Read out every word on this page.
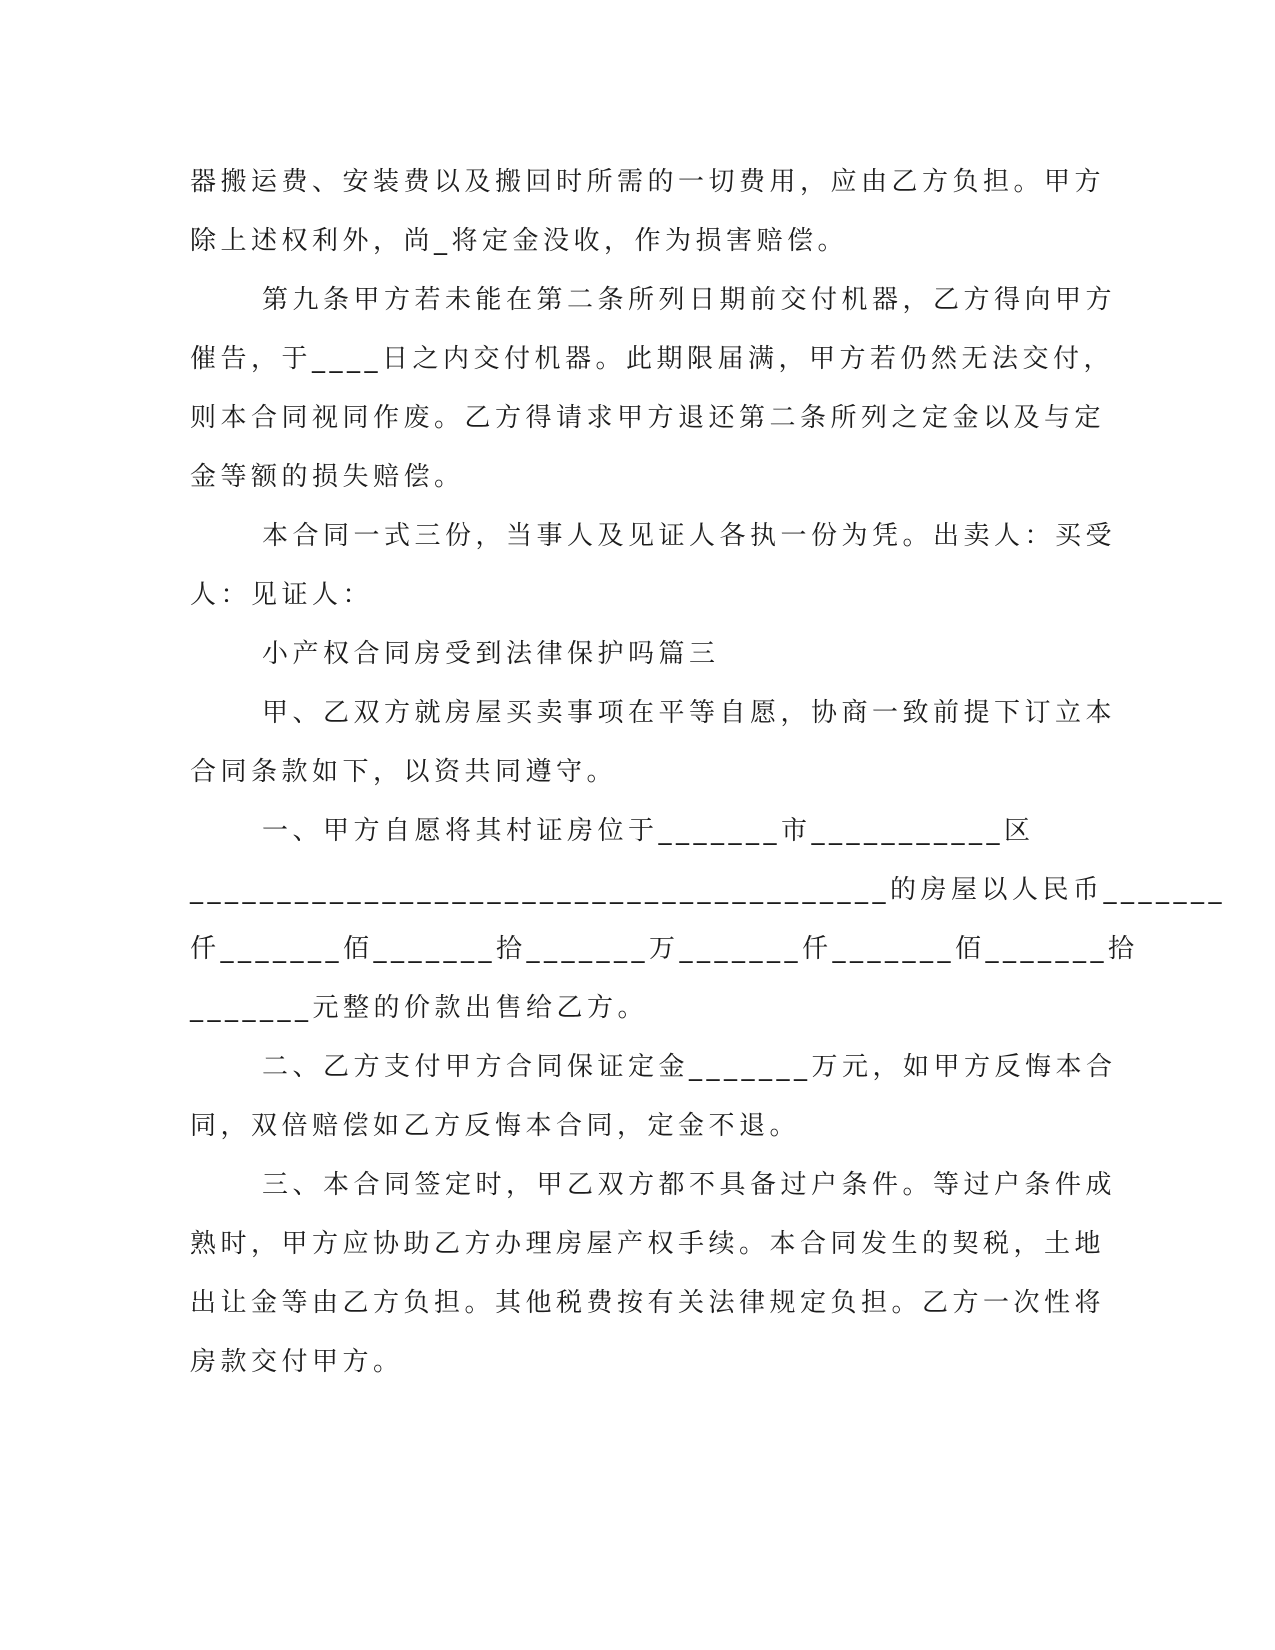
器搬运费、安装费以及搬回时所需的一切费用，应由乙方负担。甲方

除上述权利外，尚_将定金没收，作为损害赔偿。

第九条甲方若未能在第二条所列日期前交付机器，乙方得向甲方

催告，于____日之内交付机器。此期限届满，甲方若仍然无法交付，

则本合同视同作废。乙方得请求甲方退还第二条所列之定金以及与定

金等额的损失赔偿。

本合同一式三份，当事人及见证人各执一份为凭。出卖人：买受

人：见证人：

小产权合同房受到法律保护吗篇三

甲、乙双方就房屋买卖事项在平等自愿，协商一致前提下订立本

合同条款如下，以资共同遵守。

一、甲方自愿将其村证房位于_______市___________区

________________________________________的房屋以人民币_______

仟_______佰_______拾_______万_______仟_______佰_______拾

_______元整的价款出售给乙方。

二、乙方支付甲方合同保证定金_______万元，如甲方反悔本合

同，双倍赔偿如乙方反悔本合同，定金不退。

三、本合同签定时，甲乙双方都不具备过户条件。等过户条件成

熟时，甲方应协助乙方办理房屋产权手续。本合同发生的契税，土地

出让金等由乙方负担。其他税费按有关法律规定负担。乙方一次性将

房款交付甲方。
